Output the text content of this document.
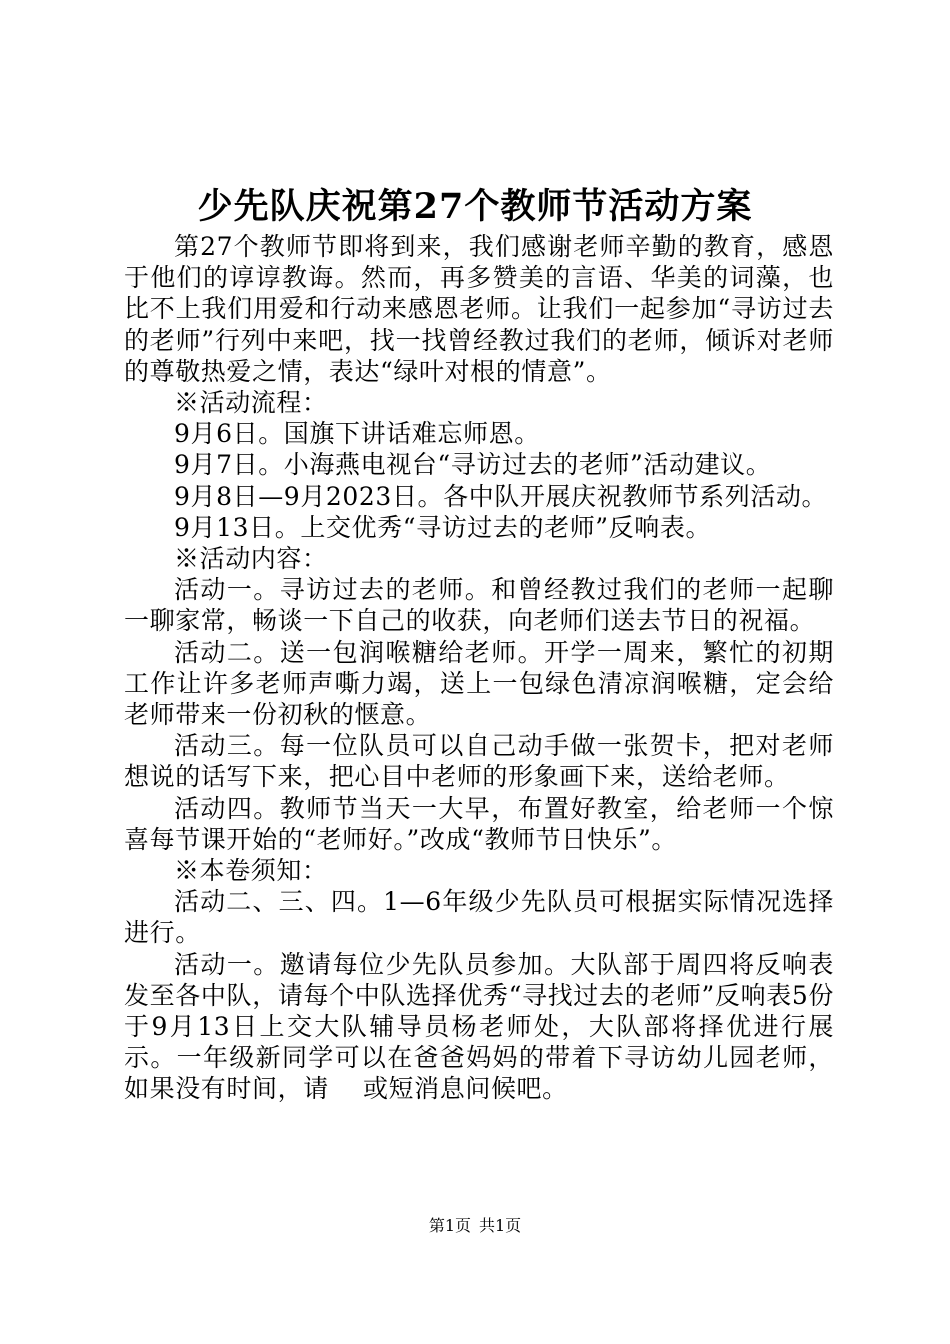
少先队庆祝第27个教师节活动方案

第27个教师节即将到来，我们感谢老师辛勤的教育，感恩于他们的谆谆教诲。然而，再多赞美的言语、华美的词藻，也比不上我们用爱和行动来感恩老师。让我们一起参加“寻访过去的老师”行列中来吧，找一找曾经教过我们的老师，倾诉对老师的尊敬热爱之情，表达“绿叶对根的情意”。

※活动流程：

9月6日。国旗下讲话难忘师恩。

9月7日。小海燕电视台“寻访过去的老师”活动建议。

9月8日—9月2023日。各中队开展庆祝教师节系列活动。

9月13日。上交优秀“寻访过去的老师”反响表。

※活动内容：

活动一。寻访过去的老师。和曾经教过我们的老师一起聊一聊家常，畅谈一下自己的收获，向老师们送去节日的祝福。

活动二。送一包润喉糖给老师。开学一周来，繁忙的初期工作让许多老师声嘶力竭，送上一包绿色清凉润喉糖，定会给老师带来一份初秋的惬意。

活动三。每一位队员可以自己动手做一张贺卡，把对老师想说的话写下来，把心目中老师的形象画下来，送给老师。

活动四。教师节当天一大早，布置好教室，给老师一个惊喜每节课开始的“老师好。”改成“教师节日快乐”。

※本卷须知：

活动二、三、四。1—6年级少先队员可根据实际情况选择进行。

活动一。邀请每位少先队员参加。大队部于周四将反响表发至各中队，请每个中队选择优秀“寻找过去的老师”反响表5份于9月13日上交大队辅导员杨老师处，大队部将择优进行展示。一年级新同学可以在爸爸妈妈的带着下寻访幼儿园老师，如果没有时间，请　 或短消息问候吧。

第1页 共1页
